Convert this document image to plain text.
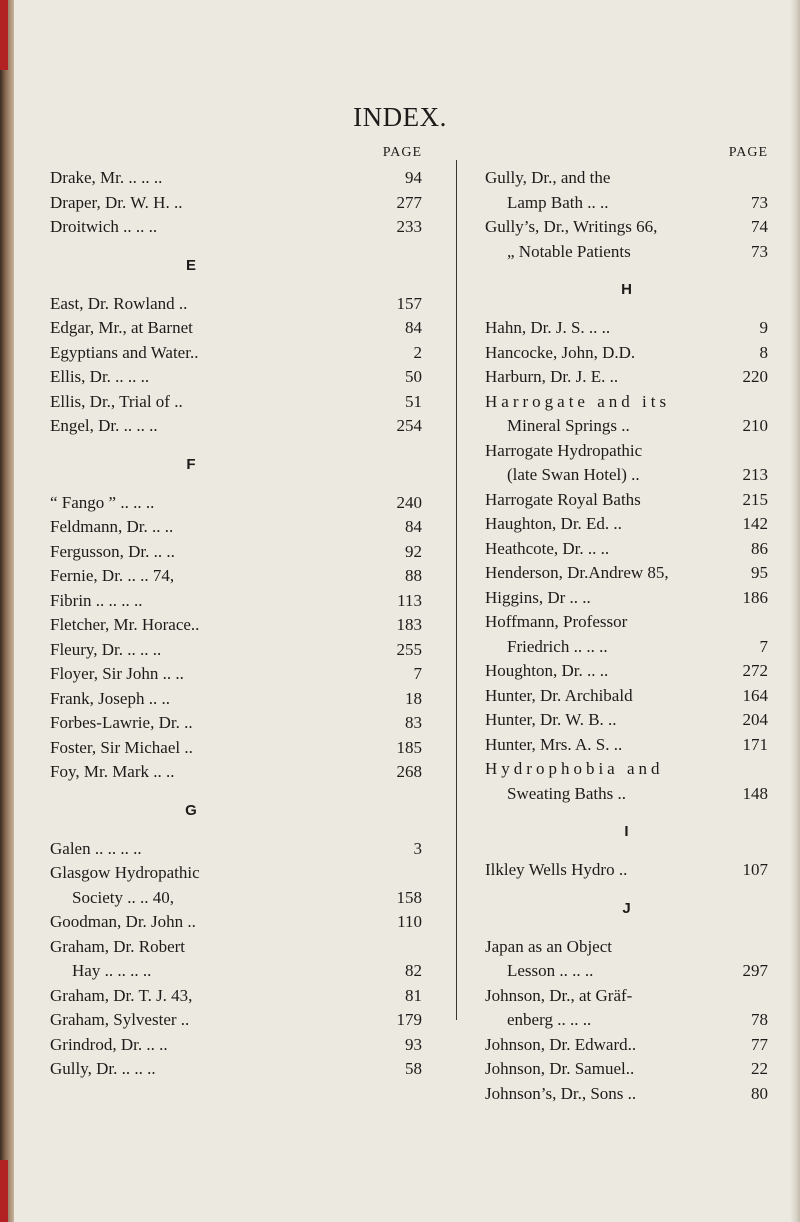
INDEX.
PAGE
Drake, Mr. .. .. ..	94
Draper, Dr. W. H. ..	277
Droitwich .. .. ..	233
E
East, Dr. Rowland ..	157
Edgar, Mr., at Barnet	84
Egyptians and Water..	2
Ellis, Dr. .. .. ..	50
Ellis, Dr., Trial of ..	51
Engel, Dr. .. .. ..	254
F
“ Fango ” .. .. ..	240
Feldmann, Dr. .. ..	84
Fergusson, Dr. .. ..	92
Fernie, Dr. .. .. 74,	88
Fibrin .. .. .. ..	113
Fletcher, Mr. Horace..	183
Fleury, Dr. .. .. ..	255
Floyer, Sir John .. ..	7
Frank, Joseph .. ..	18
Forbes-Lawrie, Dr. ..	83
Foster, Sir Michael ..	185
Foy, Mr. Mark .. ..	268
G
Galen .. .. .. ..	3
Glasgow Hydropathic
Society .. .. 40,	158
Goodman, Dr. John ..	110
Graham, Dr. Robert
Hay .. .. .. ..	82
Graham, Dr. T. J. 43,	81
Graham, Sylvester ..	179
Grindrod, Dr. .. ..	93
Gully, Dr. .. .. ..	58
PAGE
Gully, Dr., and the
Lamp Bath .. ..	73
Gully’s, Dr., Writings 66,	74
„ Notable Patients	73
H
Hahn, Dr. J. S. .. ..	9
Hancocke, John, D.D.	8
Harburn, Dr. J. E. ..	220
Harrogate and its
Mineral Springs ..	210
Harrogate Hydropathic
(late Swan Hotel) ..	213
Harrogate Royal Baths	215
Haughton, Dr. Ed. ..	142
Heathcote, Dr. .. ..	86
Henderson, Dr.Andrew 85,	95
Higgins, Dr .. ..	186
Hoffmann, Professor
Friedrich .. .. ..	7
Houghton, Dr. .. ..	272
Hunter, Dr. Archibald	164
Hunter, Dr. W. B. ..	204
Hunter, Mrs. A. S. ..	171
Hydrophobia and
Sweating Baths ..	148
I
Ilkley Wells Hydro ..	107
J
Japan as an Object
Lesson .. .. ..	297
Johnson, Dr., at Gräf-
enberg .. .. ..	78
Johnson, Dr. Edward..	77
Johnson, Dr. Samuel..	22
Johnson’s, Dr., Sons ..	80
